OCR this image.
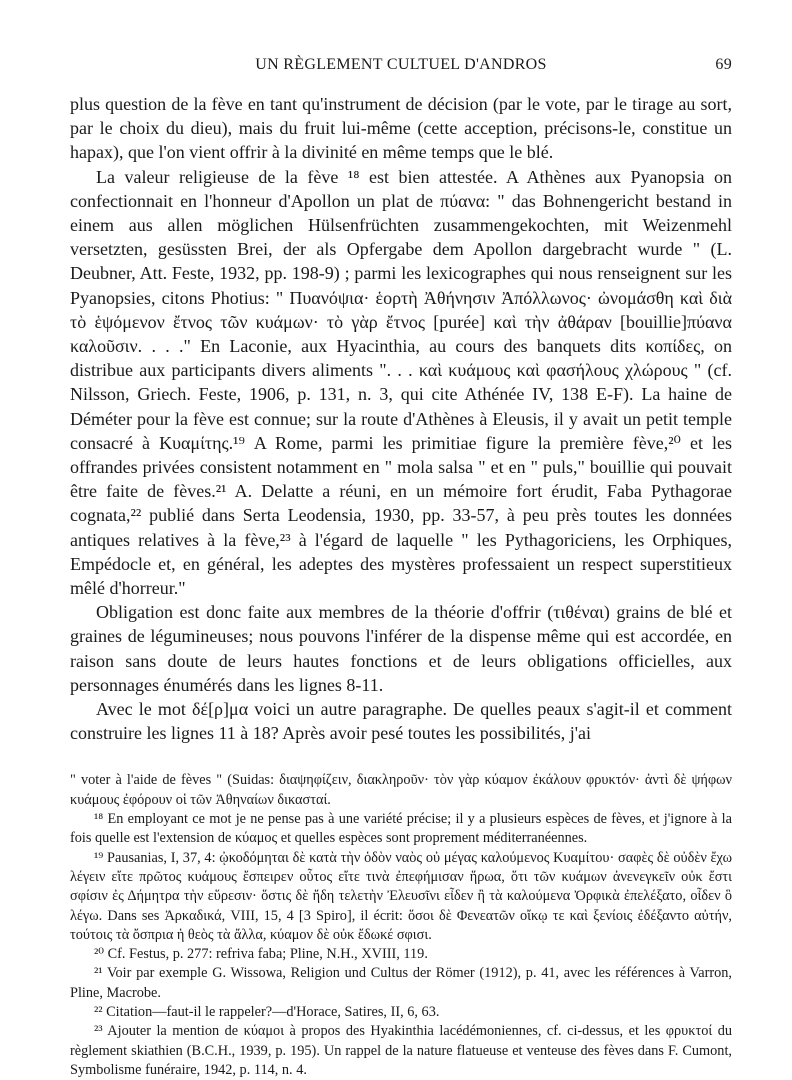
UN RÈGLEMENT CULTUEL D'ANDROS	69

plus question de la fève en tant qu'instrument de décision (par le vote, par le tirage au sort, par le choix du dieu), mais du fruit lui-même (cette acception, précisons-le, constitue un hapax), que l'on vient offrir à la divinité en même temps que le blé.

La valeur religieuse de la fève ¹⁸ est bien attestée. A Athènes aux Pyanopsia on confectionnait en l'honneur d'Apollon un plat de πύανα: " das Bohnengericht bestand in einem aus allen möglichen Hülsenfrüchten zusammengekochten, mit Weizenmehl versetzten, gesüssten Brei, der als Opfergabe dem Apollon dargebracht wurde " (L. Deubner, Att. Feste, 1932, pp. 198-9) ; parmi les lexicographes qui nous renseignent sur les Pyanopsies, citons Photius: " Πυανόψια· ἑορτὴ Ἀθήνησιν Ἀπόλλωνος· ὠνομάσθη καὶ διὰ τὸ ἑψόμενον ἔτνος τῶν κυάμων· τὸ γὰρ ἔτνος [purée] καὶ τὴν ἀθάραν [bouillie]πύανα καλοῦσιν. . . ." En Laconie, aux Hyacinthia, au cours des banquets dits κοπίδες, on distribue aux participants divers aliments ". . . καὶ κυάμους καὶ φασήλους χλώρους " (cf. Nilsson, Griech. Feste, 1906, p. 131, n. 3, qui cite Athénée IV, 138 E-F). La haine de Déméter pour la fève est connue; sur la route d'Athènes à Eleusis, il y avait un petit temple consacré à Κυαμίτης.¹⁹ A Rome, parmi les primitiae figure la première fève,²⁰ et les offrandes privées consistent notamment en " mola salsa " et en " puls," bouillie qui pouvait être faite de fèves.²¹ A. Delatte a réuni, en un mémoire fort érudit, Faba Pythagorae cognata,²² publié dans Serta Leodensia, 1930, pp. 33-57, à peu près toutes les données antiques relatives à la fève,²³ à l'égard de laquelle " les Pythagoriciens, les Orphiques, Empédocle et, en général, les adeptes des mystères professaient un respect superstitieux mêlé d'horreur."

Obligation est donc faite aux membres de la théorie d'offrir (τιθέναι) grains de blé et graines de légumineuses; nous pouvons l'inférer de la dispense même qui est accordée, en raison sans doute de leurs hautes fonctions et de leurs obligations officielles, aux personnages énumérés dans les lignes 8-11.

Avec le mot δέ[ρ]μα voici un autre paragraphe. De quelles peaux s'agit-il et comment construire les lignes 11 à 18? Après avoir pesé toutes les possibilités, j'ai

" voter à l'aide de fèves " (Suidas: διαψηφίζειν, διακληροῦν· τὸν γὰρ κύαμον ἐκάλουν φρυκτόν· ἀντὶ δὲ ψήφων κυάμους ἐφόρουν οἱ τῶν Ἀθηναίων δικασταί.

¹⁸ En employant ce mot je ne pense pas à une variété précise; il y a plusieurs espèces de fèves, et j'ignore à la fois quelle est l'extension de κύαμος et quelles espèces sont proprement méditerranéennes.

¹⁹ Pausanias, I, 37, 4: ᾠκοδόμηται δὲ κατὰ τὴν ὁδὸν ναὸς οὐ μέγας καλούμενος Κυαμίτου· σαφὲς δὲ οὐδὲν ἔχω λέγειν εἴτε πρῶτος κυάμους ἔσπειρεν οὗτος εἴτε τινὰ ἐπεφήμισαν ἥρωα, ὅτι τῶν κυάμων ἀνενεγκεῖν οὐκ ἔστι σφίσιν ἐς Δήμητρα τὴν εὕρεσιν· ὅστις δὲ ἤδη τελετὴν Ἐλευσῖνι εἶδεν ἢ τὰ καλούμενα Ὀρφικὰ ἐπελέξατο, οἶδεν ὃ λέγω. Dans ses Ἀρκαδικά, VIII, 15, 4 [3 Spiro], il écrit: ὅσοι δὲ Φενεατῶν οἴκῳ τε καὶ ξενίοις ἐδέξαντο αὐτήν, τούτοις τὰ ὄσπρια ἡ θεὸς τὰ ἄλλα, κύαμον δὲ οὐκ ἔδωκέ σφισι.

²⁰ Cf. Festus, p. 277: refriva faba; Pline, N.H., XVIII, 119.

²¹ Voir par exemple G. Wissowa, Religion und Cultus der Römer (1912), p. 41, avec les références à Varron, Pline, Macrobe.

²² Citation—faut-il le rappeler?—d'Horace, Satires, II, 6, 63.

²³ Ajouter la mention de κύαμοι à propos des Hyakinthia lacédémoniennes, cf. ci-dessus, et les φρυκτοί du règlement skiathien (B.C.H., 1939, p. 195). Un rappel de la nature flatueuse et venteuse des fèves dans F. Cumont, Symbolisme funéraire, 1942, p. 114, n. 4.
